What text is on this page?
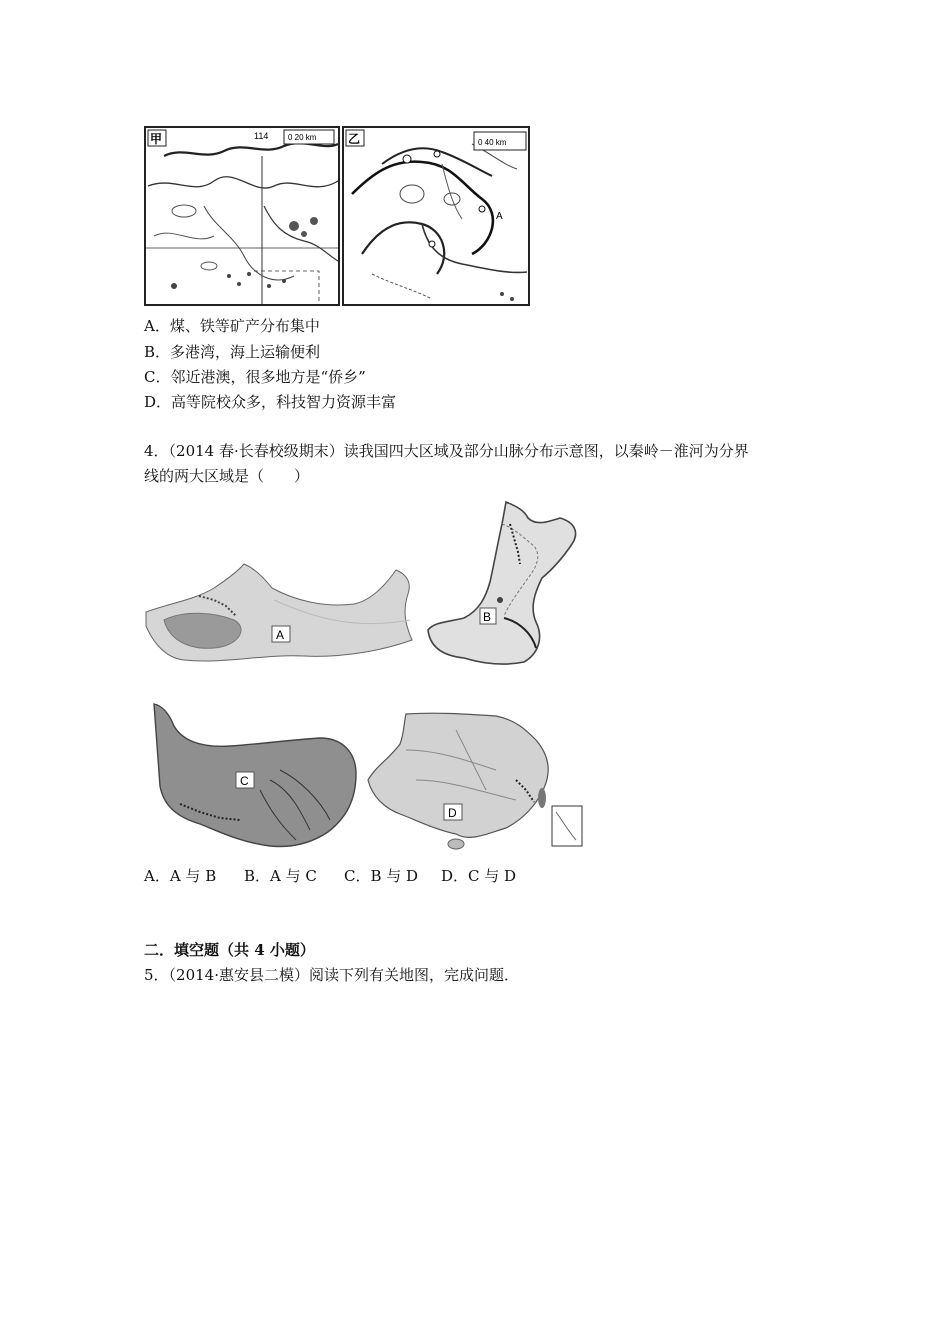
甲	114 0 20 km	乙	0 40 km
A
A．煤、铁等矿产分布集中
B．多港湾，海上运输便利
C．邻近港澳，很多地方是“侨乡”
D．高等院校众多，科技智力资源丰富
4．（2014 春·长春校级期末）读我国四大区域及部分山脉分布示意图，以秦岭－淮河为分界
线的两大区域是（　　）
A
B
C
D
A．A 与 B B．A 与 C C．B 与 D D．C 与 D
二．填空题（共 4 小题）
5．（2014·惠安县二模）阅读下列有关地图，完成问题．
